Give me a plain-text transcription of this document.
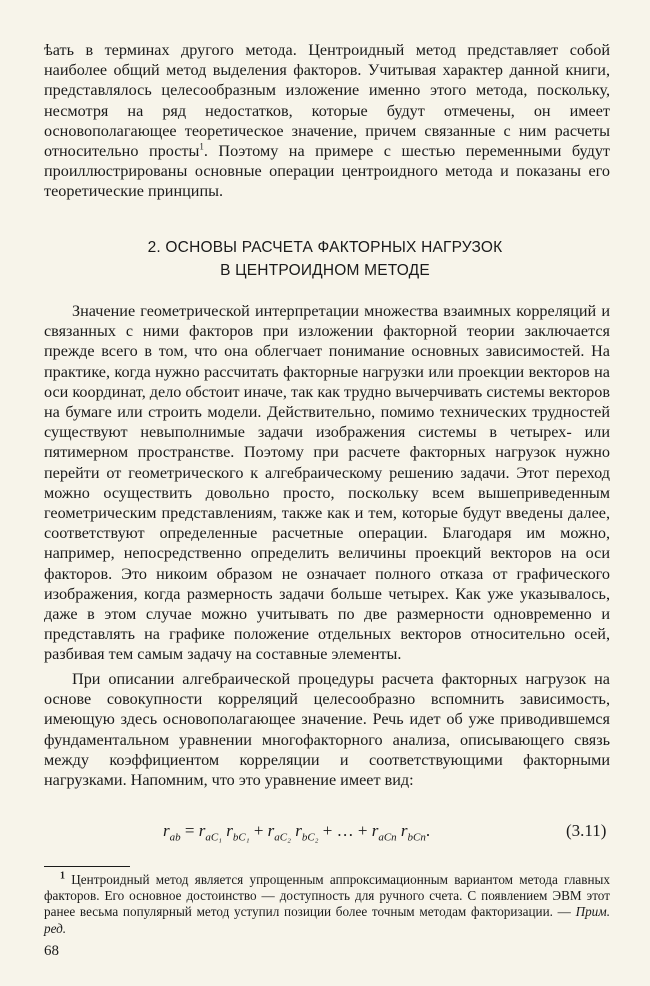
ѣать в терминах другого метода. Центроидный метод представляет собой наиболее общий метод выделения факторов. Учитывая характер данной книги, представлялось целесообразным изложение именно этого метода, поскольку, несмотря на ряд недостатков, которые будут отмечены, он имеет основополагающее теоретическое значение, причем связанные с ним расчеты относительно просты$^1$. Поэтому на примере с шестью переменными будут проиллюстрированы основные операции центроидного метода и показаны его теоретические принципы.
2. ОСНОВЫ РАСЧЕТА ФАКТОРНЫХ НАГРУЗОК
В ЦЕНТРОИДНОМ МЕТОДЕ
Значение геометрической интерпретации множества взаимных корреляций и связанных с ними факторов при изложении факторной теории заключается прежде всего в том, что она облегчает понимание основных зависимостей. На практике, когда нужно рассчитать факторные нагрузки или проекции векторов на оси координат, дело обстоит иначе, так как трудно вычерчивать системы векторов на бумаге или строить модели. Действительно, помимо технических трудностей существуют невыполнимые задачи изображения системы в четырех- или пятимерном пространстве. Поэтому при расчете факторных нагрузок нужно перейти от геометрического к алгебраическому решению задачи. Этот переход можно осуществить довольно просто, поскольку всем вышеприведенным геометрическим представлениям, также как и тем, которые будут введены далее, соответствуют определенные расчетные операции. Благодаря им можно, например, непосредственно определить величины проекций векторов на оси факторов. Это никоим образом не означает полного отказа от графического изображения, когда размерность задачи больше четырех. Как уже указывалось, даже в этом случае можно учитывать по две размерности одновременно и представлять на графике положение отдельных векторов относительно осей, разбивая тем самым задачу на составные элементы.
При описании алгебраической процедуры расчета факторных нагрузок на основе совокупности корреляций целесообразно вспомнить зависимость, имеющую здесь основополагающее значение. Речь идет об уже приводившемся фундаментальном уравнении многофакторного анализа, описывающего связь между коэффициентом корреляции и соответствующими факторными нагрузками. Напомним, что это уравнение имеет вид:
$r_{ab} = r_{aC_1}$ $r_{bC_1} + r_{aC_2}$ $r_{bC_2}$ + … + $r_{aCn}$ $r_{bCn}$.	(3.11)
$^1$ Центроидный метод является упрощенным аппроксимационным вариантом метода главных факторов. Его основное достоинство — доступность для ручного счета. С появлением ЭВМ этот ранее весьма популярный метод уступил позиции более точным методам факторизации. — Прим. ред.
68
